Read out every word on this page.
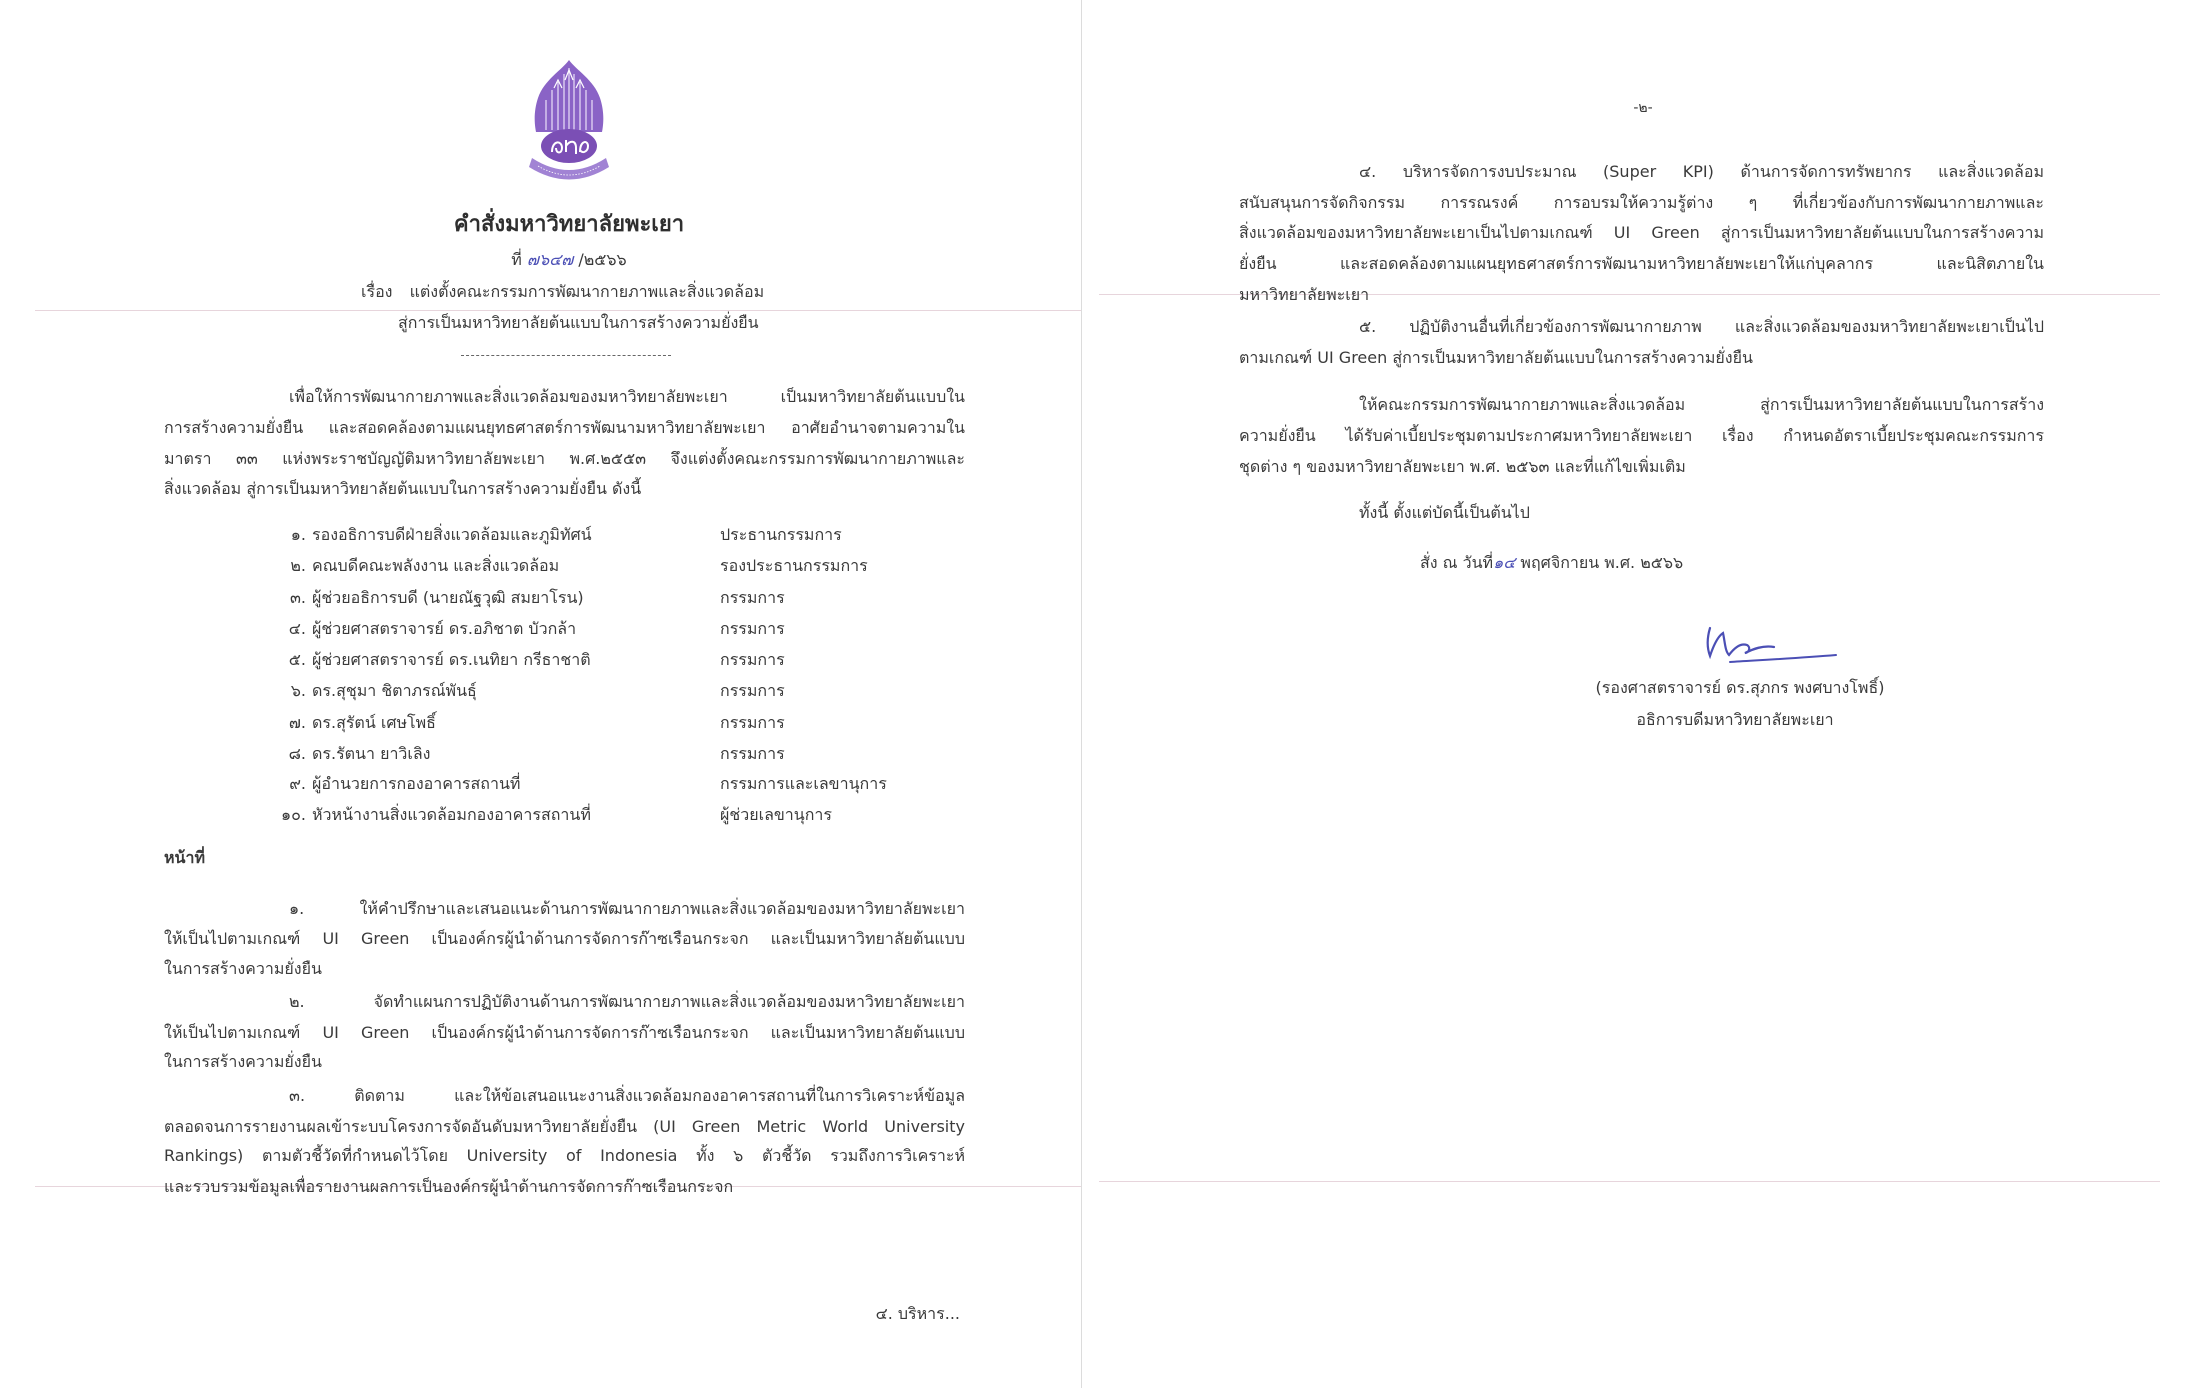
คำสั่งมหาวิทยาลัยพะเยา
ที่ ๗๖๔๗ /๒๕๖๖
เรื่อง แต่งตั้งคณะกรรมการพัฒนากายภาพและสิ่งแวดล้อม
สู่การเป็นมหาวิทยาลัยต้นแบบในการสร้างความยั่งยืน
เพื่อให้การพัฒนากายภาพและสิ่งแวดล้อมของมหาวิทยาลัยพะเยา เป็นมหาวิทยาลัยต้นแบบใน
การสร้างความยั่งยืน และสอดคล้องตามแผนยุทธศาสตร์การพัฒนามหาวิทยาลัยพะเยา อาศัยอำนาจตามความใน
มาตรา ๓๓ แห่งพระราชบัญญัติมหาวิทยาลัยพะเยา พ.ศ.๒๕๕๓ จึงแต่งตั้งคณะกรรมการพัฒนากายภาพและ
สิ่งแวดล้อม สู่การเป็นมหาวิทยาลัยต้นแบบในการสร้างความยั่งยืน ดังนี้
๑. รองอธิการบดีฝ่ายสิ่งแวดล้อมและภูมิทัศน์	ประธานกรรมการ
๒. คณบดีคณะพลังงาน และสิ่งแวดล้อม	รองประธานกรรมการ
๓. ผู้ช่วยอธิการบดี (นายณัฐวุฒิ สมยาโรน)	กรรมการ
๔. ผู้ช่วยศาสตราจารย์ ดร.อภิชาต บัวกล้า	กรรมการ
๕. ผู้ช่วยศาสตราจารย์ ดร.เนทิยา กรีธาชาติ	กรรมการ
๖. ดร.สุชุมา ชิตาภรณ์พันธุ์	กรรมการ
๗. ดร.สุรัตน์ เศษโพธิ์	กรรมการ
๘. ดร.รัตนา ยาวิเลิง	กรรมการ
๙. ผู้อำนวยการกองอาคารสถานที่	กรรมการและเลขานุการ
๑๐. หัวหน้างานสิ่งแวดล้อมกองอาคารสถานที่	ผู้ช่วยเลขานุการ
หน้าที่
๑. ให้คำปรึกษาและเสนอแนะด้านการพัฒนากายภาพและสิ่งแวดล้อมของมหาวิทยาลัยพะเยา
ให้เป็นไปตามเกณฑ์ UI Green เป็นองค์กรผู้นำด้านการจัดการก๊าซเรือนกระจก และเป็นมหาวิทยาลัยต้นแบบ
ในการสร้างความยั่งยืน
๒. จัดทำแผนการปฏิบัติงานด้านการพัฒนากายภาพและสิ่งแวดล้อมของมหาวิทยาลัยพะเยา
ให้เป็นไปตามเกณฑ์ UI Green เป็นองค์กรผู้นำด้านการจัดการก๊าซเรือนกระจก และเป็นมหาวิทยาลัยต้นแบบ
ในการสร้างความยั่งยืน
๓. ติดตาม และให้ข้อเสนอแนะงานสิ่งแวดล้อมกองอาคารสถานที่ในการวิเคราะห์ข้อมูล
ตลอดจนการรายงานผลเข้าระบบโครงการจัดอันดับมหาวิทยาลัยยั่งยืน (UI Green Metric World University
Rankings) ตามตัวชี้วัดที่กำหนดไว้โดย University of Indonesia ทั้ง ๖ ตัวชี้วัด รวมถึงการวิเคราะห์
และรวบรวมข้อมูลเพื่อรายงานผลการเป็นองค์กรผู้นำด้านการจัดการก๊าซเรือนกระจก
๔. บริหาร...
-๒-
๔. บริหารจัดการงบประมาณ (Super KPI) ด้านการจัดการทรัพยากร และสิ่งแวดล้อม
สนับสนุนการจัดกิจกรรม การรณรงค์ การอบรมให้ความรู้ต่าง ๆ ที่เกี่ยวข้องกับการพัฒนากายภาพและ
สิ่งแวดล้อมของมหาวิทยาลัยพะเยาเป็นไปตามเกณฑ์ UI Green สู่การเป็นมหาวิทยาลัยต้นแบบในการสร้างความ
ยั่งยืน และสอดคล้องตามแผนยุทธศาสตร์การพัฒนามหาวิทยาลัยพะเยาให้แก่บุคลากร และนิสิตภายใน
มหาวิทยาลัยพะเยา
๕. ปฏิบัติงานอื่นที่เกี่ยวข้องการพัฒนากายภาพ และสิ่งแวดล้อมของมหาวิทยาลัยพะเยาเป็นไป
ตามเกณฑ์ UI Green สู่การเป็นมหาวิทยาลัยต้นแบบในการสร้างความยั่งยืน
ให้คณะกรรมการพัฒนากายภาพและสิ่งแวดล้อม สู่การเป็นมหาวิทยาลัยต้นแบบในการสร้าง
ความยั่งยืน ได้รับค่าเบี้ยประชุมตามประกาศมหาวิทยาลัยพะเยา เรื่อง กำหนดอัตราเบี้ยประชุมคณะกรรมการ
ชุดต่าง ๆ ของมหาวิทยาลัยพะเยา พ.ศ. ๒๕๖๓ และที่แก้ไขเพิ่มเติม
ทั้งนี้ ตั้งแต่บัดนี้เป็นต้นไป
สั่ง ณ วันที่๑๔ พฤศจิกายน พ.ศ. ๒๕๖๖
(รองศาสตราจารย์ ดร.สุภกร พงศบางโพธิ์)
อธิการบดีมหาวิทยาลัยพะเยา
